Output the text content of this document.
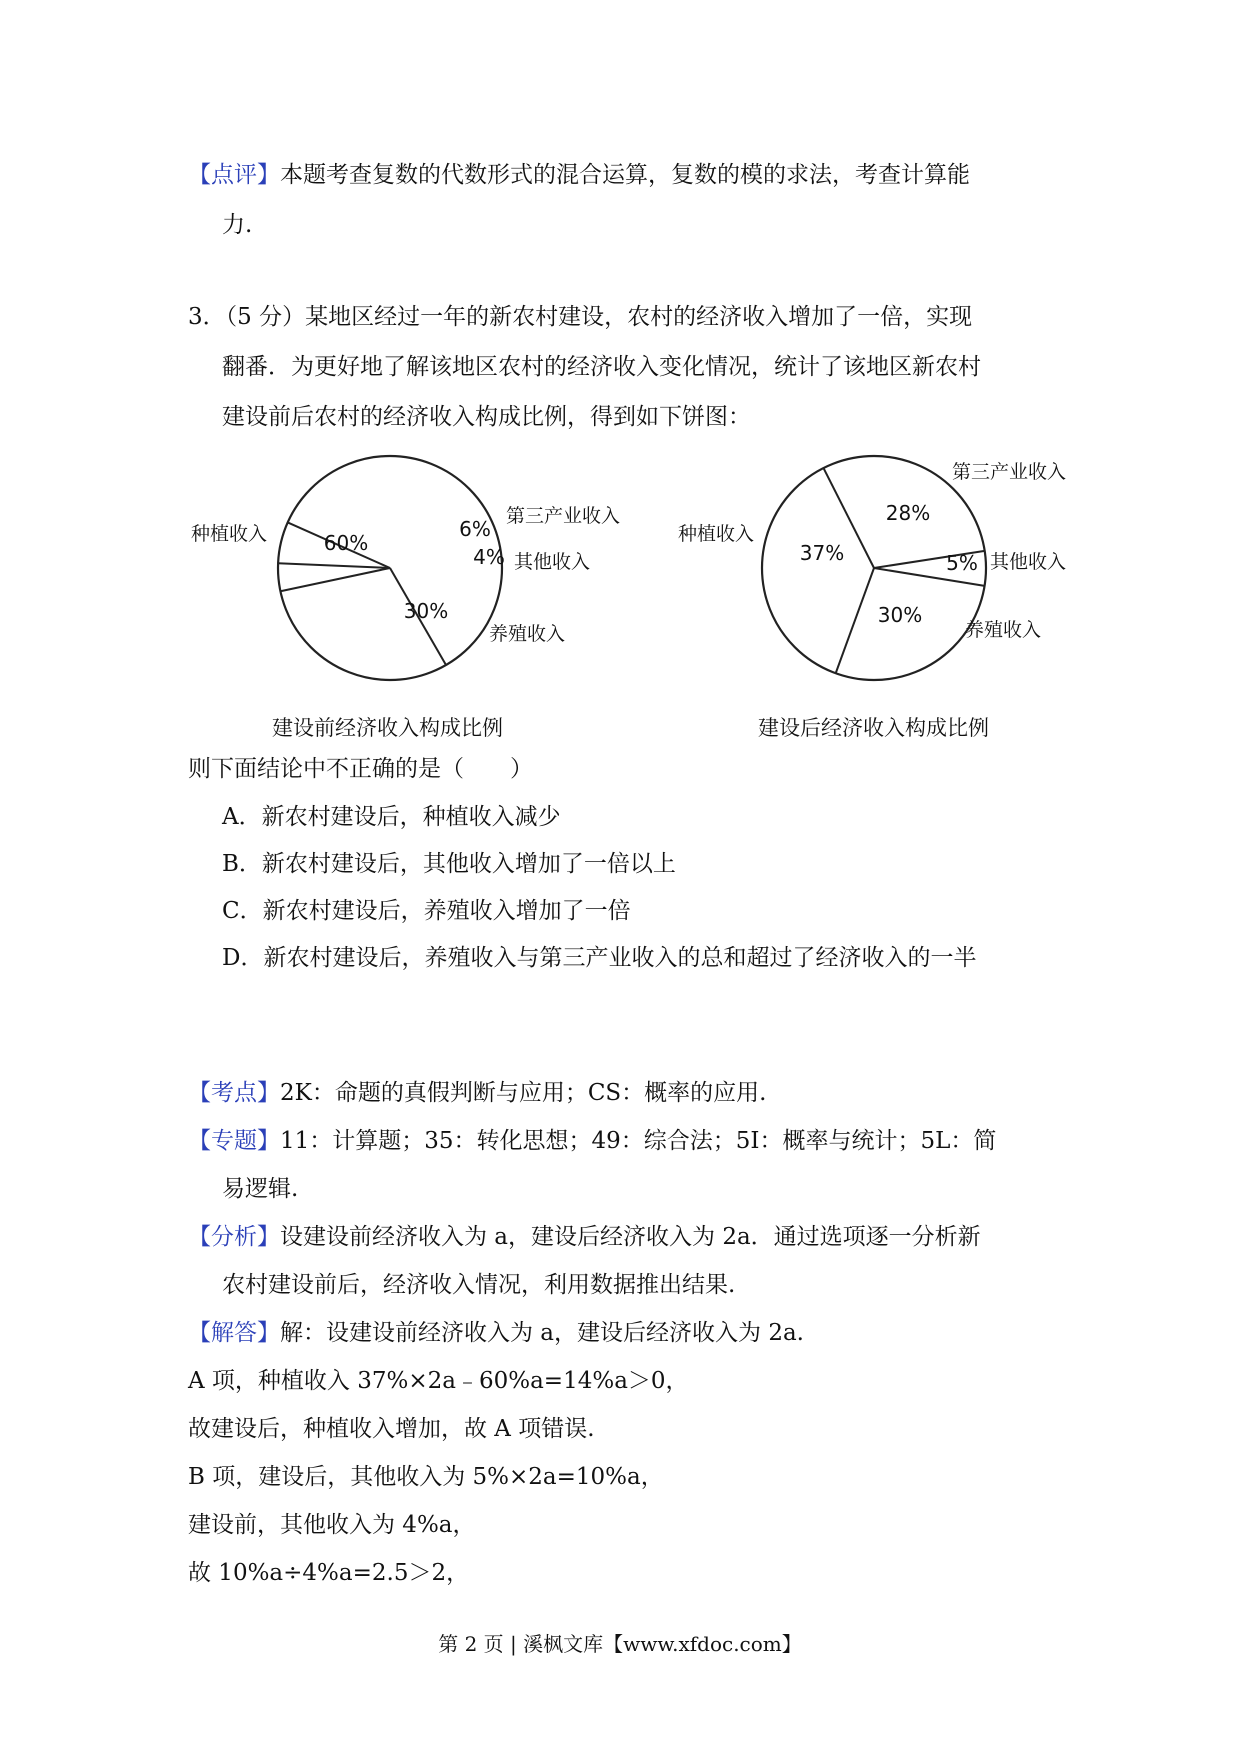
【点评】本题考查复数的代数形式的混合运算，复数的模的求法，考查计算能
力.
3．（5 分）某地区经过一年的新农村建设，农村的经济收入增加了一倍，实现
翻番．为更好地了解该地区农村的经济收入变化情况，统计了该地区新农村
建设前后农村的经济收入构成比例，得到如下饼图：
60%
6%
4%
30%
种植收入
第三产业收入
其他收入
养殖收入
建设前经济收入构成比例
37%
28%
5%
30%
种植收入
第三产业收入
其他收入
养殖收入
建设后经济收入构成比例
则下面结论中不正确的是（　　）
A．新农村建设后，种植收入减少
B．新农村建设后，其他收入增加了一倍以上
C．新农村建设后，养殖收入增加了一倍
D．新农村建设后，养殖收入与第三产业收入的总和超过了经济收入的一半
【考点】2K：命题的真假判断与应用；CS：概率的应用.
【专题】11：计算题；35：转化思想；49：综合法；5I：概率与统计；5L：简
易逻辑.
【分析】设建设前经济收入为 a，建设后经济收入为 2a．通过选项逐一分析新
农村建设前后，经济收入情况，利用数据推出结果.
【解答】解：设建设前经济收入为 a，建设后经济收入为 2a.
A 项，种植收入 37%×2a﹣60%a=14%a＞0，
故建设后，种植收入增加，故 A 项错误.
B 项，建设后，其他收入为 5%×2a=10%a，
建设前，其他收入为 4%a，
故 10%a÷4%a=2.5＞2，
第 2 页 | 溪枫文库【www.xfdoc.com】
